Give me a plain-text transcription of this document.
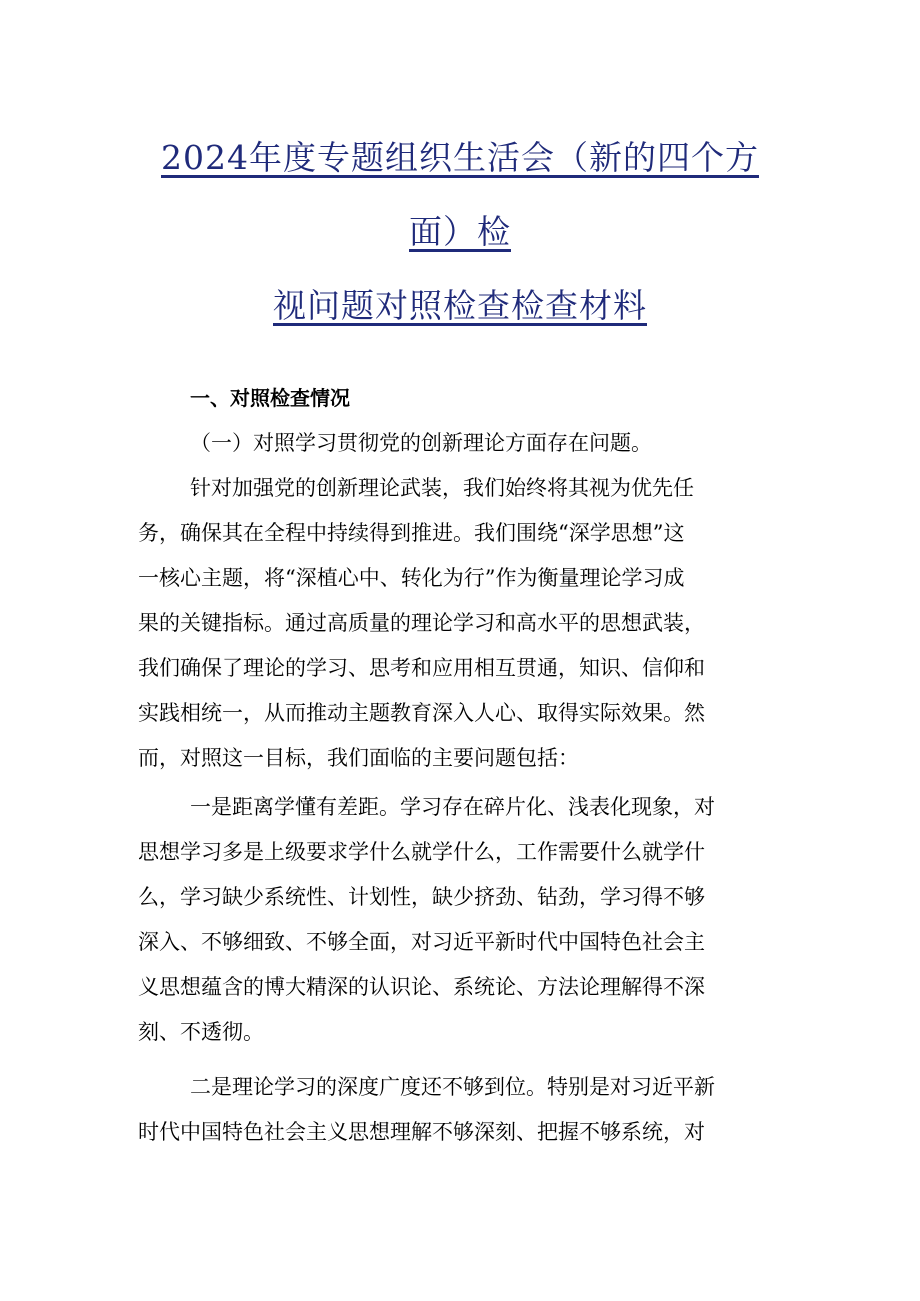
2024年度专题组织生活会（新的四个方
面）检
视问题对照检查检查材料
一、对照检查情况
（一）对照学习贯彻党的创新理论方面存在问题。
针对加强党的创新理论武装，我们始终将其视为优先任
务，确保其在全程中持续得到推进。我们围绕“深学思想”这
一核心主题，将“深植心中、转化为行”作为衡量理论学习成
果的关键指标。通过高质量的理论学习和高水平的思想武装，
我们确保了理论的学习、思考和应用相互贯通，知识、信仰和
实践相统一，从而推动主题教育深入人心、取得实际效果。然
而，对照这一目标，我们面临的主要问题包括：
一是距离学懂有差距。学习存在碎片化、浅表化现象，对
思想学习多是上级要求学什么就学什么，工作需要什么就学什
么，学习缺少系统性、计划性，缺少挤劲、钻劲，学习得不够
深入、不够细致、不够全面，对习近平新时代中国特色社会主
义思想蕴含的博大精深的认识论、系统论、方法论理解得不深
刻、不透彻。
二是理论学习的深度广度还不够到位。特别是对习近平新
时代中国特色社会主义思想理解不够深刻、把握不够系统，对
